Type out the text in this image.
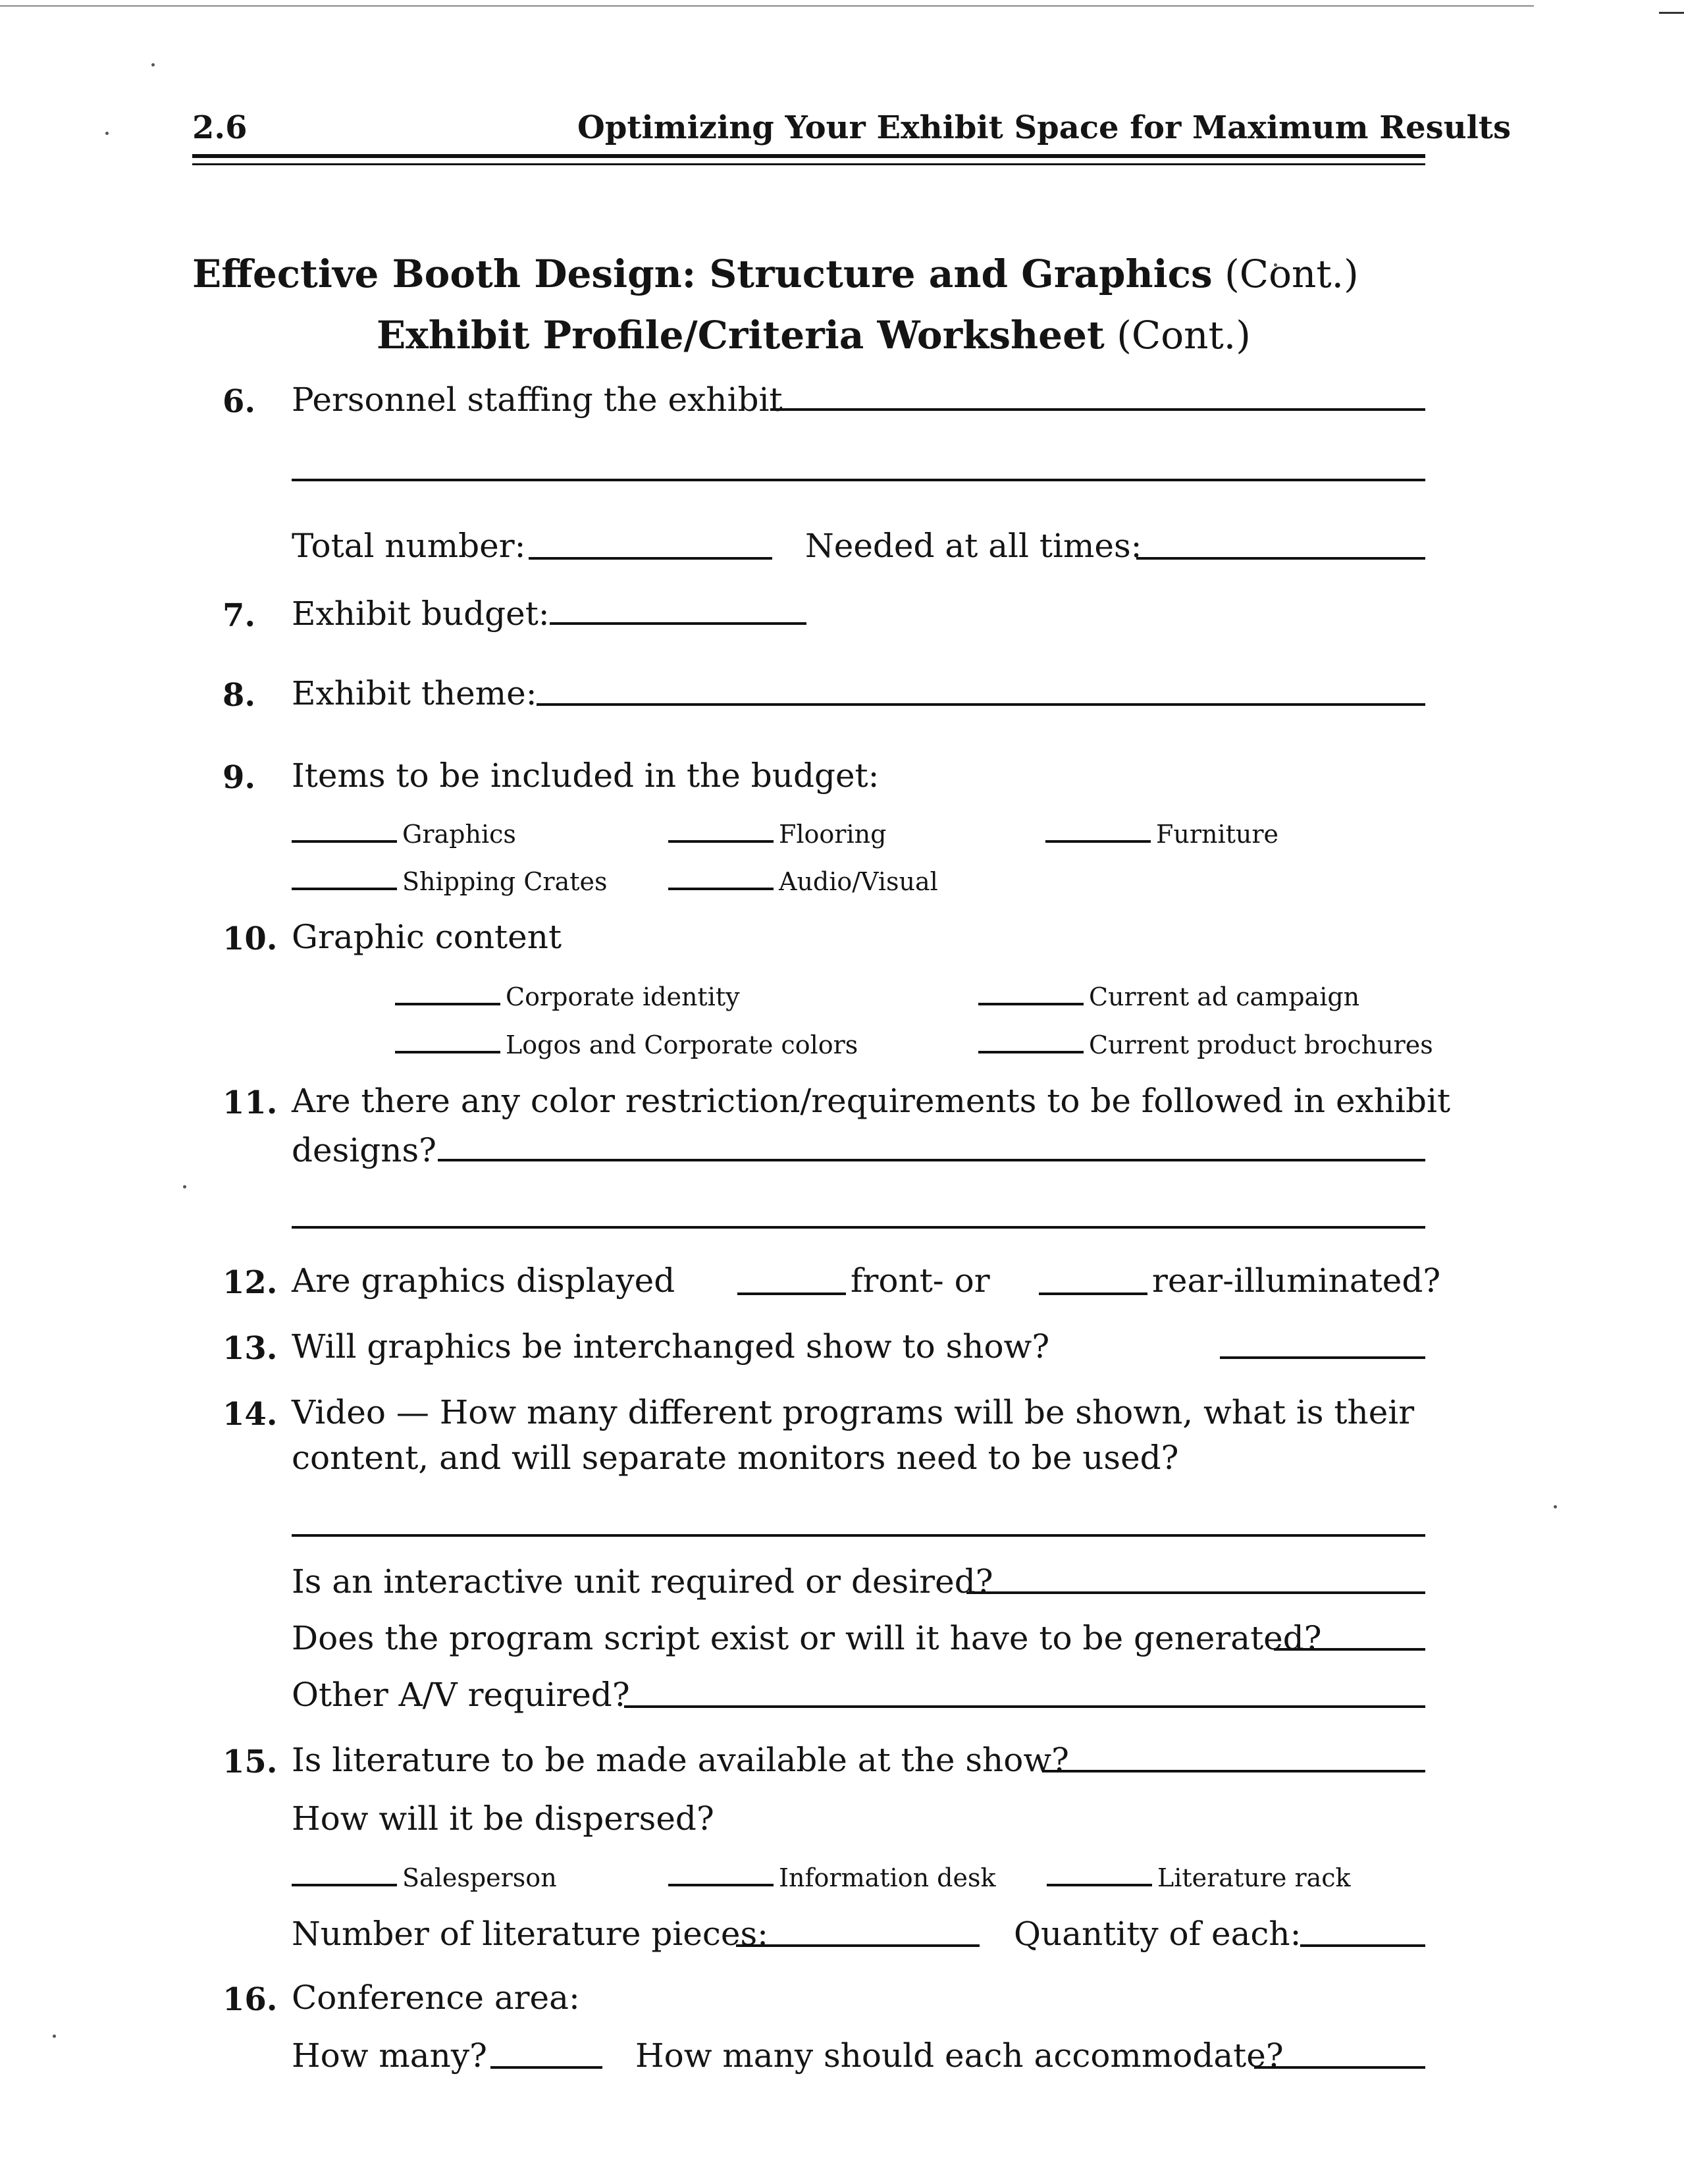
2.6	Optimizing Your Exhibit Space for Maximum Results
Effective Booth Design: Structure and Graphics (Cont.)
Exhibit Profile/Criteria Worksheet (Cont.)
6. Personnel staffing the exhibit
Total number:	Needed at all times:
7. Exhibit budget:
8. Exhibit theme:
9. Items to be included in the budget:
Graphics	Flooring	Furniture
Shipping Crates	Audio/Visual
10. Graphic content
Corporate identity	Current ad campaign
Logos and Corporate colors	Current product brochures
11. Are there any color restriction/requirements to be followed in exhibit
designs?
12. Are graphics displayed	front- or	rear-illuminated?
13. Will graphics be interchanged show to show?
14. Video — How many different programs will be shown, what is their
content, and will separate monitors need to be used?
Is an interactive unit required or desired?
Does the program script exist or will it have to be generated?
Other A/V required?
15. Is literature to be made available at the show?
How will it be dispersed?
Salesperson	Information desk	Literature rack
Number of literature pieces:	Quantity of each:
16. Conference area:
How many?	How many should each accommodate?
